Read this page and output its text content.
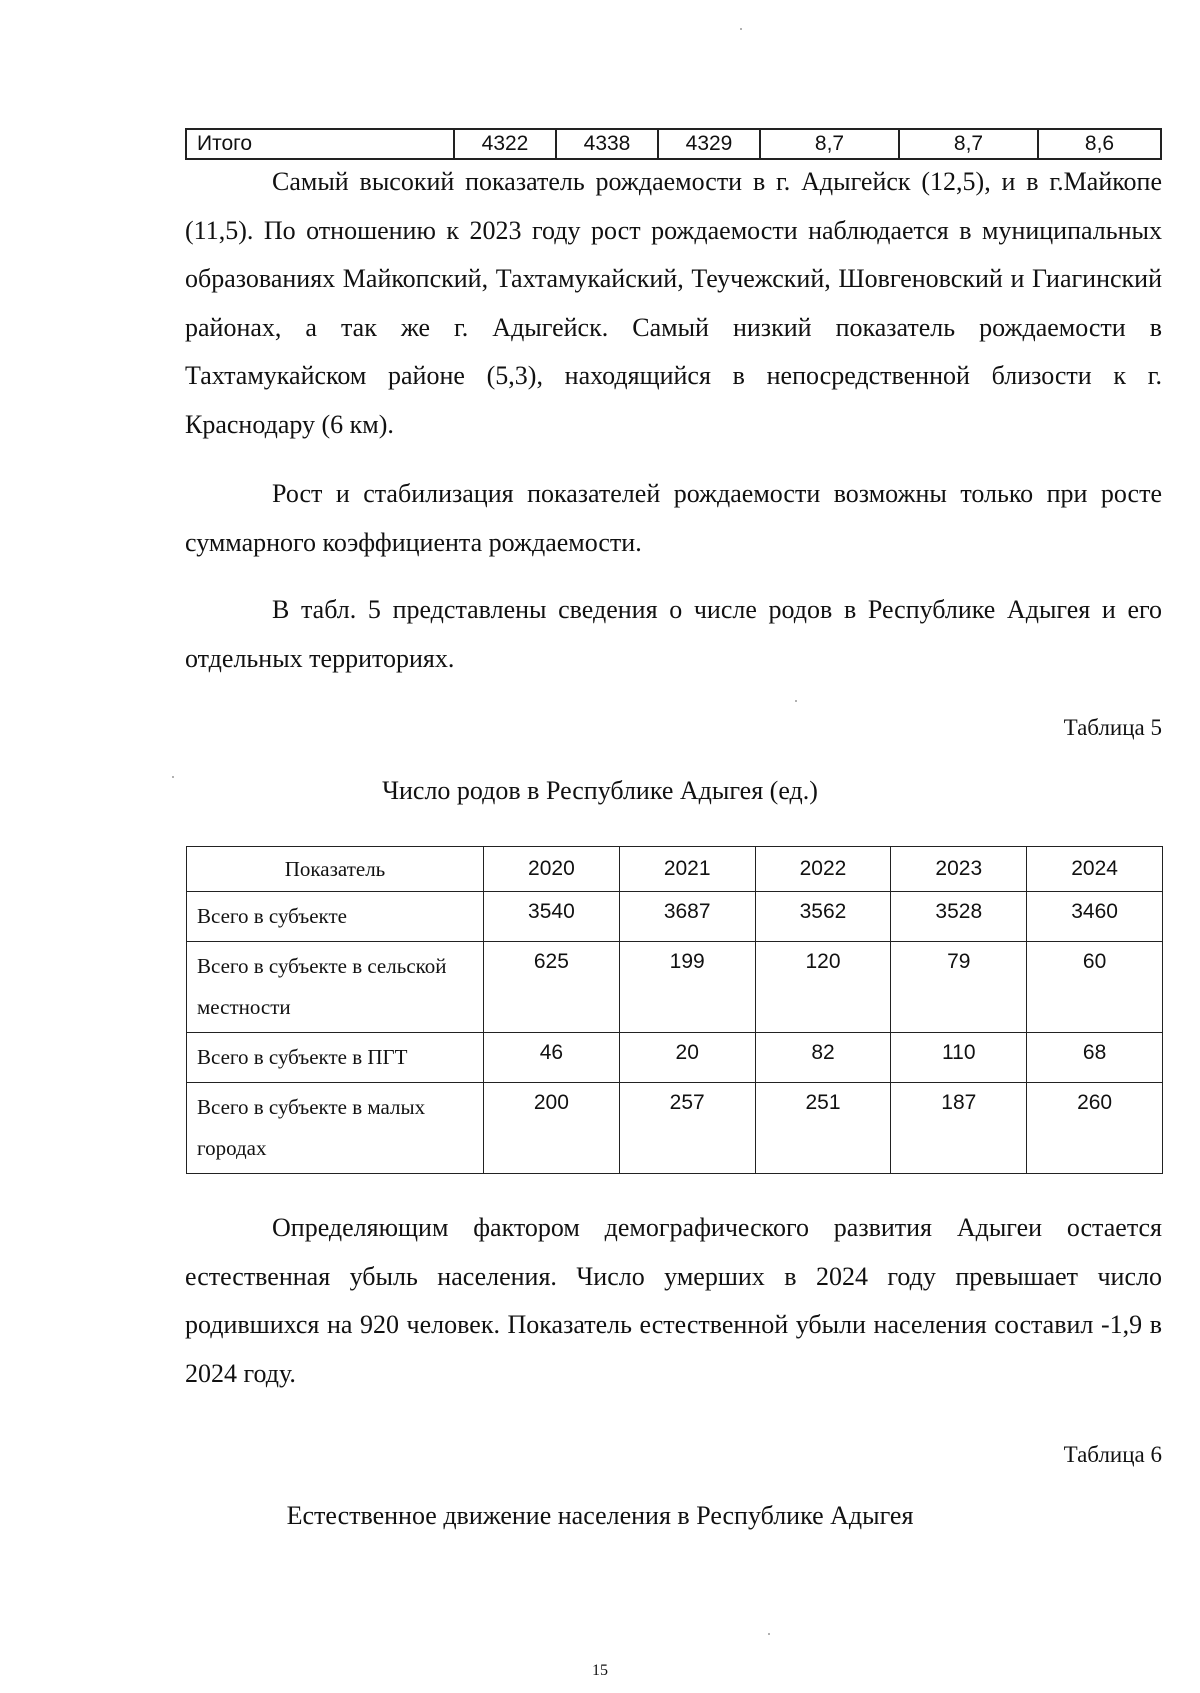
Итого	4322	4338	4329	8,7	8,7	8,6

Самый высокий показатель рождаемости в г. Адыгейск (12,5), и в г.Майкопе (11,5). По отношению к 2023 году рост рождаемости наблюдается в муниципальных образованиях Майкопский, Тахтамукайский, Теучежский, Шовгеновский и Гиагинский районах, а так же г. Адыгейск. Самый низкий показатель рождаемости в Тахтамукайском районе (5,3), находящийся в непосредственной близости к г. Краснодару (6 км).

Рост и стабилизация показателей рождаемости возможны только при росте суммарного коэффициента рождаемости.

В табл. 5 представлены сведения о числе родов в Республике Адыгея и его отдельных территориях.

Таблица 5
Число родов в Республике Адыгея (ед.)
Показатель	2020	2021	2022	2023	2024
Всего в субъекте	3540	3687	3562	3528	3460
Всего в субъекте в сельской местности	625	199	120	79	60
Всего в субъекте в ПГТ	46	20	82	110	68
Всего в субъекте в малых городах	200	257	251	187	260

Определяющим фактором демографического развития Адыгеи остается естественная убыль населения. Число умерших в 2024 году превышает число родившихся на 920 человек. Показатель естественной убыли населения составил -1,9 в 2024 году.

Таблица 6
Естественное движение населения в Республике Адыгея
15
